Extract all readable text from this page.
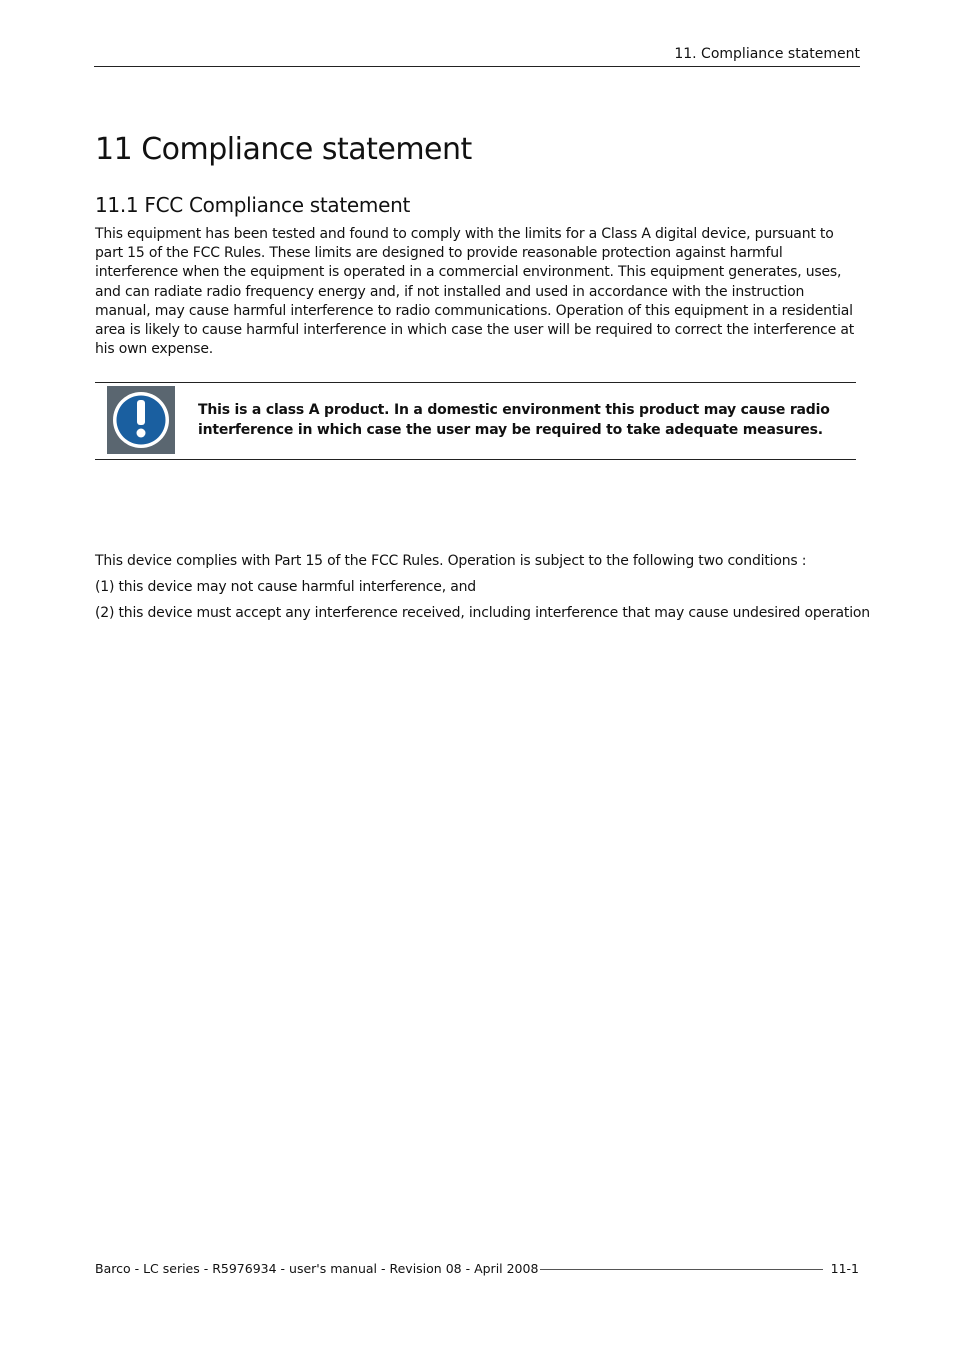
11. Compliance statement
11 Compliance statement
11.1 FCC Compliance statement

This equipment has been tested and found to comply with the limits for a Class A digital device, pursuant to part 15 of the FCC Rules. These limits are designed to provide reasonable protection against harmful interference when the equipment is operated in a commercial environment. This equipment generates, uses, and can radiate radio frequency energy and, if not installed and used in accordance with the instruction manual, may cause harmful interference to radio communications. Operation of this equipment in a residential area is likely to cause harmful interference in which case the user will be required to correct the interference at his own expense.

This is a class A product. In a domestic environment this product may cause radio interference in which case the user may be required to take adequate measures.

This device complies with Part 15 of the FCC Rules. Operation is subject to the following two conditions :

(1) this device may not cause harmful interference, and

(2) this device must accept any interference received, including interference that may cause undesired operation

Barco - LC series - R5976934 - user's manual - Revision 08 - April 2008	11-1
